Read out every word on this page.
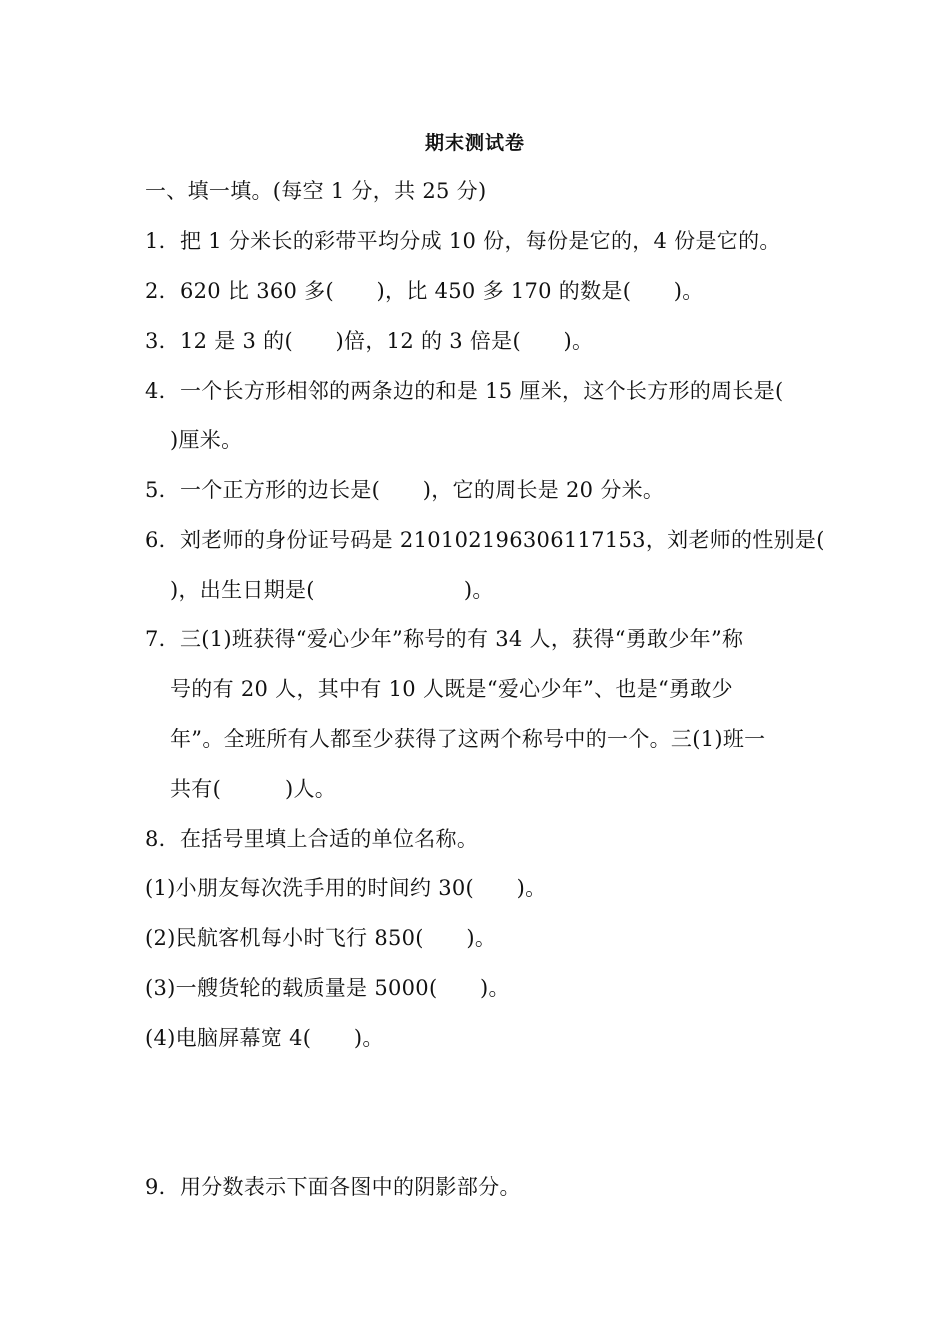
期末测试卷
一、填一填。(每空 1 分，共 25 分)
1．把 1 分米长的彩带平均分成 10 份，每份是它的，4 份是它的。
2．620 比 360 多(　　)，比 450 多 170 的数是(　　)。
3．12 是 3 的(　　)倍，12 的 3 倍是(　　)。
4．一个长方形相邻的两条边的和是 15 厘米，这个长方形的周长是(
)厘米。
5．一个正方形的边长是(　　)，它的周长是 20 分米。
6．刘老师的身份证号码是 210102196306117153，刘老师的性别是(
)，出生日期是(　　　　　　　)。
7．三(1)班获得“爱心少年”称号的有 34 人，获得“勇敢少年”称
号的有 20 人，其中有 10 人既是“爱心少年”、也是“勇敢少
年”。全班所有人都至少获得了这两个称号中的一个。三(1)班一
共有(　　　)人。
8．在括号里填上合适的单位名称。
(1)小朋友每次洗手用的时间约 30(　　)。
(2)民航客机每小时飞行 850(　　)。
(3)一艘货轮的载质量是 5000(　　)。
(4)电脑屏幕宽 4(　　)。
9．用分数表示下面各图中的阴影部分。
